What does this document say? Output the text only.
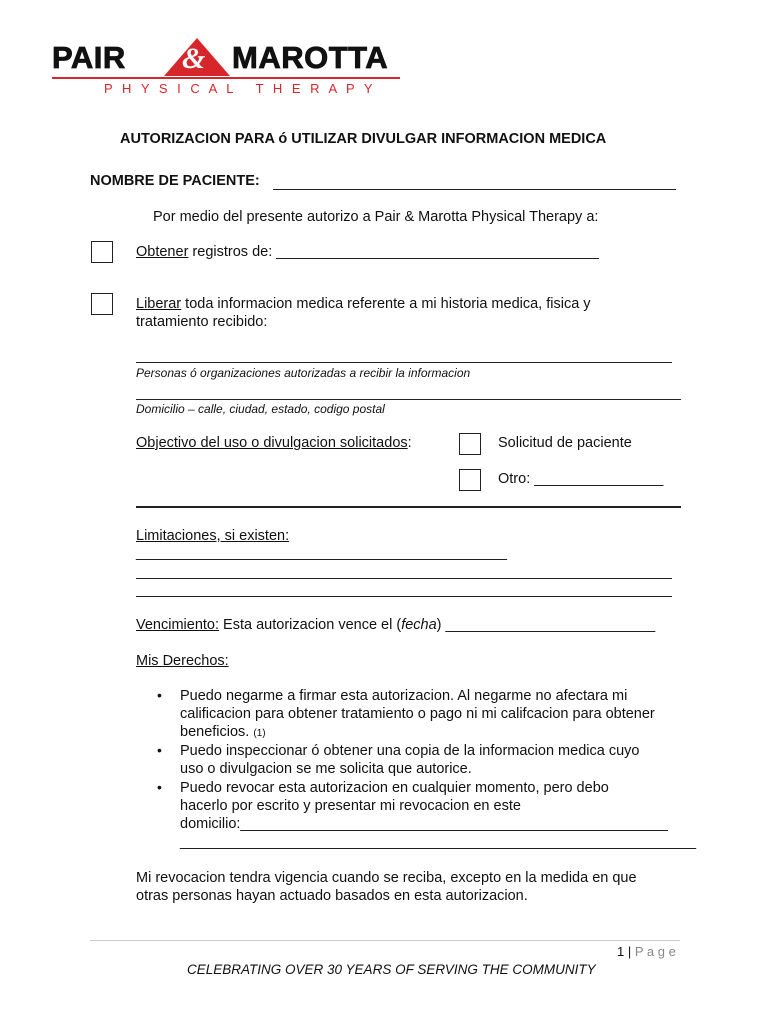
PAIR & MAROTTA
P H Y S I C A L   T H E R A P Y
AUTORIZACION PARA ó UTILIZAR DIVULGAR INFORMACION MEDICA
NOMBRE DE PACIENTE:
Por medio del presente autorizo a Pair & Marotta Physical Therapy a:
Obtener registros de: ________________________________________
Liberar toda informacion medica referente a mi historia medica, fisica y
tratamiento recibido:
Personas ó organizaciones autorizadas a recibir la informacion
Domicilio – calle, ciudad, estado, codigo postal
Objectivo del uso o divulgacion solicitados:	Solicitud de paciente
Otro: ________________
Limitaciones, si existen:
______________________________________________
Vencimiento: Esta autorizacion vence el (fecha) __________________________
Mis Derechos:
• Puedo negarme a firmar esta autorizacion. Al negarme no afectara mi
calificacion para obtener tratamiento o pago ni mi califcacion para obtener
beneficios. (1)
• Puedo inspeccionar ó obtener una copia de la informacion medica cuyo
uso o divulgacion se me solicita que autorice.
• Puedo revocar esta autorizacion en cualquier momento, pero debo
hacerlo por escrito y presentar mi revocacion en este
domicilio:_____________________________________________________
________________________________________________________________
Mi revocacion tendra vigencia cuando se reciba, excepto en la medida en que
otras personas hayan actuado basados en esta autorizacion.
1 | P a g e
CELEBRATING OVER 30 YEARS OF SERVING THE COMMUNITY
